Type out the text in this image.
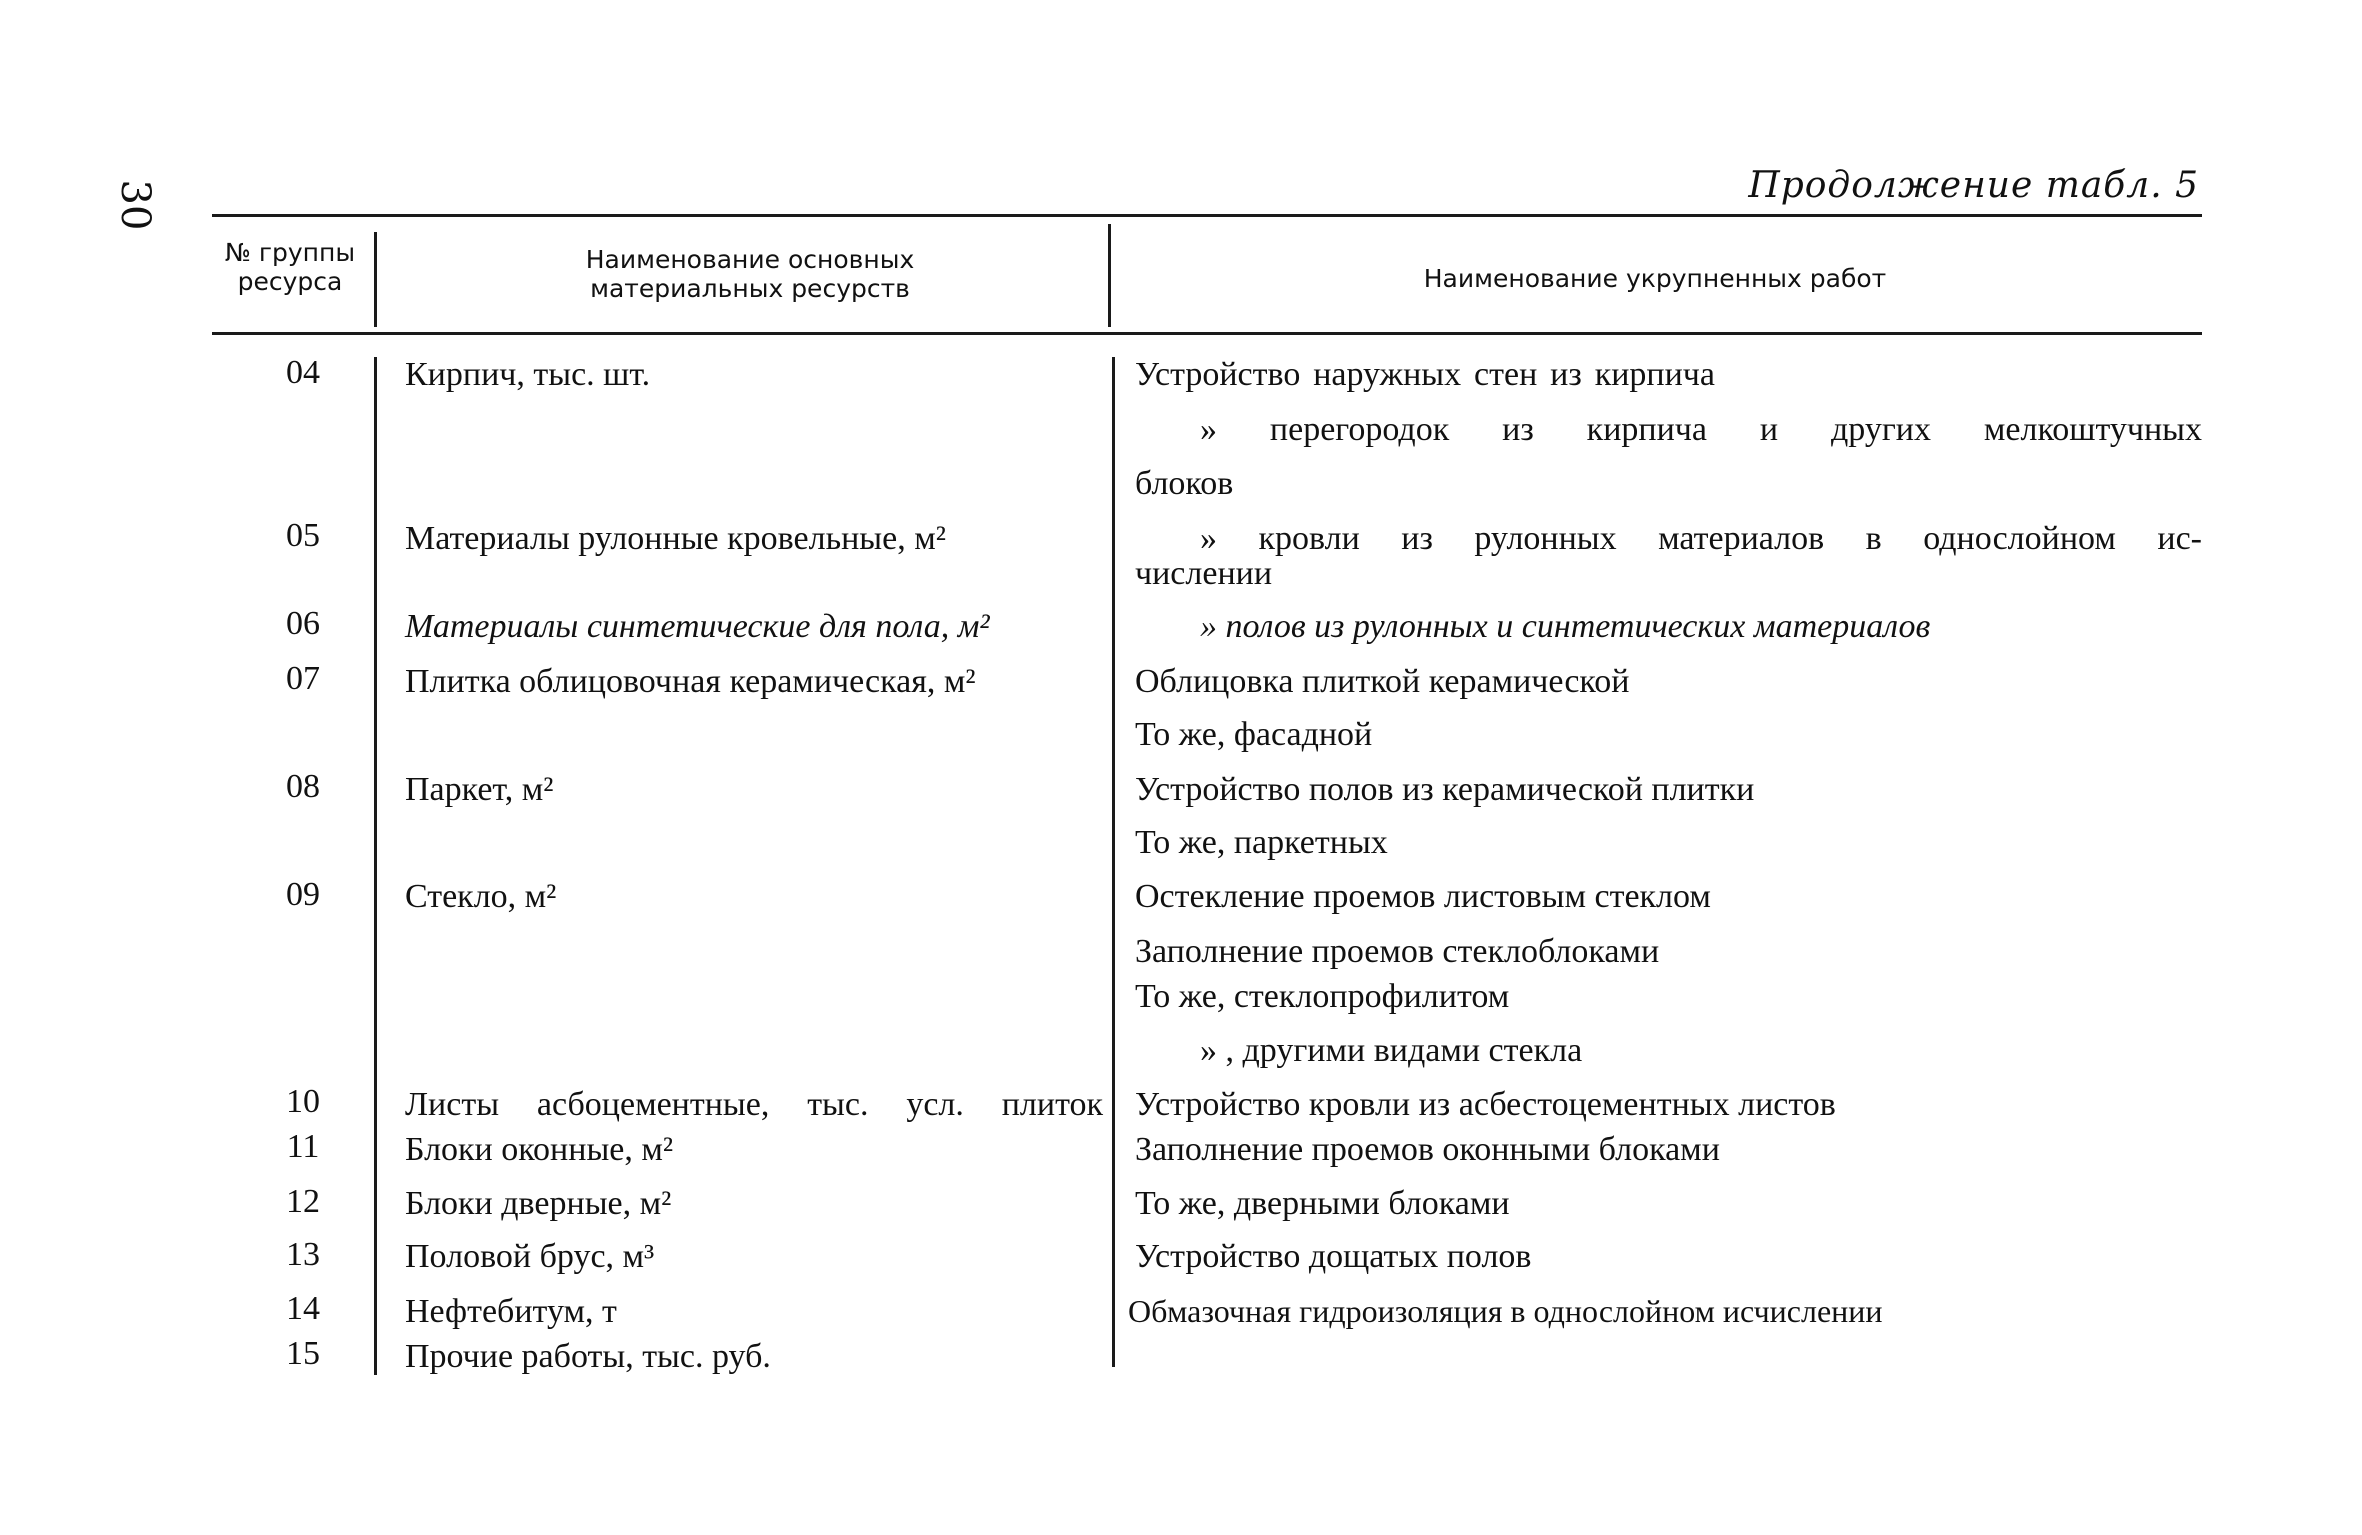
30	Продолжение табл. 5
№ группы ресурса
Наименование основных материальных ресурств	Наименование укрупненных работ
04
05
06
07
08
09
10
11
12
13
14
15
Кирпич, тыс. шт.
Материалы рулонные кровельные, м²
Материалы синтетические для пола, м²
Плитка облицовочная керамическая, м²
Паркет, м²
Стекло, м²
Листы асбоцементные, тыс. усл. плиток
Блоки оконные, м²
Блоки дверные, м²
Половой брус, м³
Нефтебитум, т
Прочие работы, тыс. руб.
Устройство наружных стен из кирпича
» перегородок из кирпича и других мелкоштучных
блоков
» кровли из рулонных материалов в однослойном ис-
числении
» полов из рулонных и синтетических материалов
Облицовка плиткой керамической
То же, фасадной
Устройство полов из керамической плитки
То же, паркетных
Остекление проемов листовым стеклом
Заполнение проемов стеклоблоками
То же, стеклопрофилитом
» , другими видами стекла
Устройство кровли из асбестоцементных листов
Заполнение проемов оконными блоками
То же, дверными блоками
Устройство дощатых полов
Обмазочная гидроизоляция в однослойном исчислении
